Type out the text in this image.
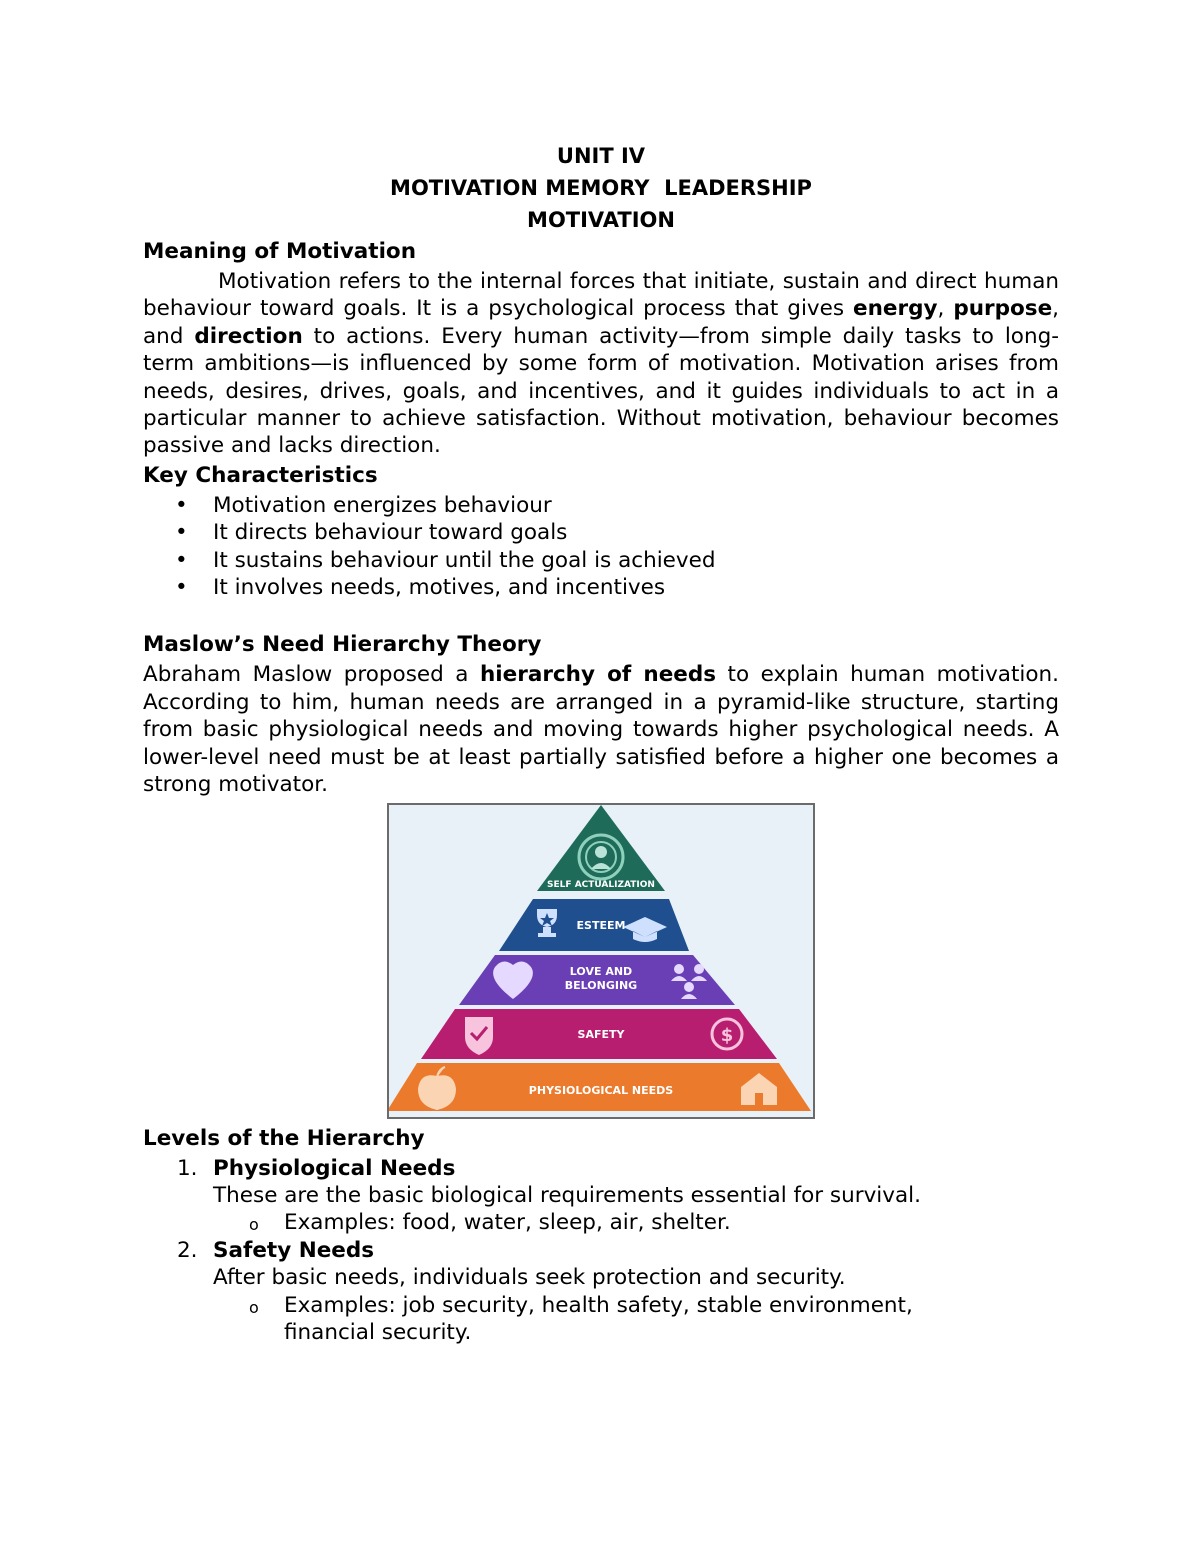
UNIT IV
MOTIVATION MEMORY  LEADERSHIP
MOTIVATION
Meaning of Motivation

Motivation refers to the internal forces that initiate, sustain and direct human behaviour toward goals. It is a psychological process that gives energy, purpose, and direction to actions. Every human activity—from simple daily tasks to long-term ambitions—is influenced by some form of motivation. Motivation arises from needs, desires, drives, goals, and incentives, and it guides individuals to act in a particular manner to achieve satisfaction. Without motivation, behaviour becomes passive and lacks direction.

Key Characteristics
• Motivation energizes behaviour
• It directs behaviour toward goals
• It sustains behaviour until the goal is achieved
• It involves needs, motives, and incentives
Maslow’s Need Hierarchy Theory

Abraham Maslow proposed a hierarchy of needs to explain human motivation. According to him, human needs are arranged in a pyramid-like structure, starting from basic physiological needs and moving towards higher psychological needs. A lower-level need must be at least partially satisfied before a higher one becomes a strong motivator.

SELF ACTUALIZATION
ESTEEM
LOVE AND
BELONGING
$
SAFETY
PHYSIOLOGICAL NEEDS
Levels of the Hierarchy
1. Physiological Needs
These are the basic biological requirements essential for survival.
o Examples: food, water, sleep, air, shelter.
2. Safety Needs
After basic needs, individuals seek protection and security.
o Examples: job security, health safety, stable environment, financial security.
